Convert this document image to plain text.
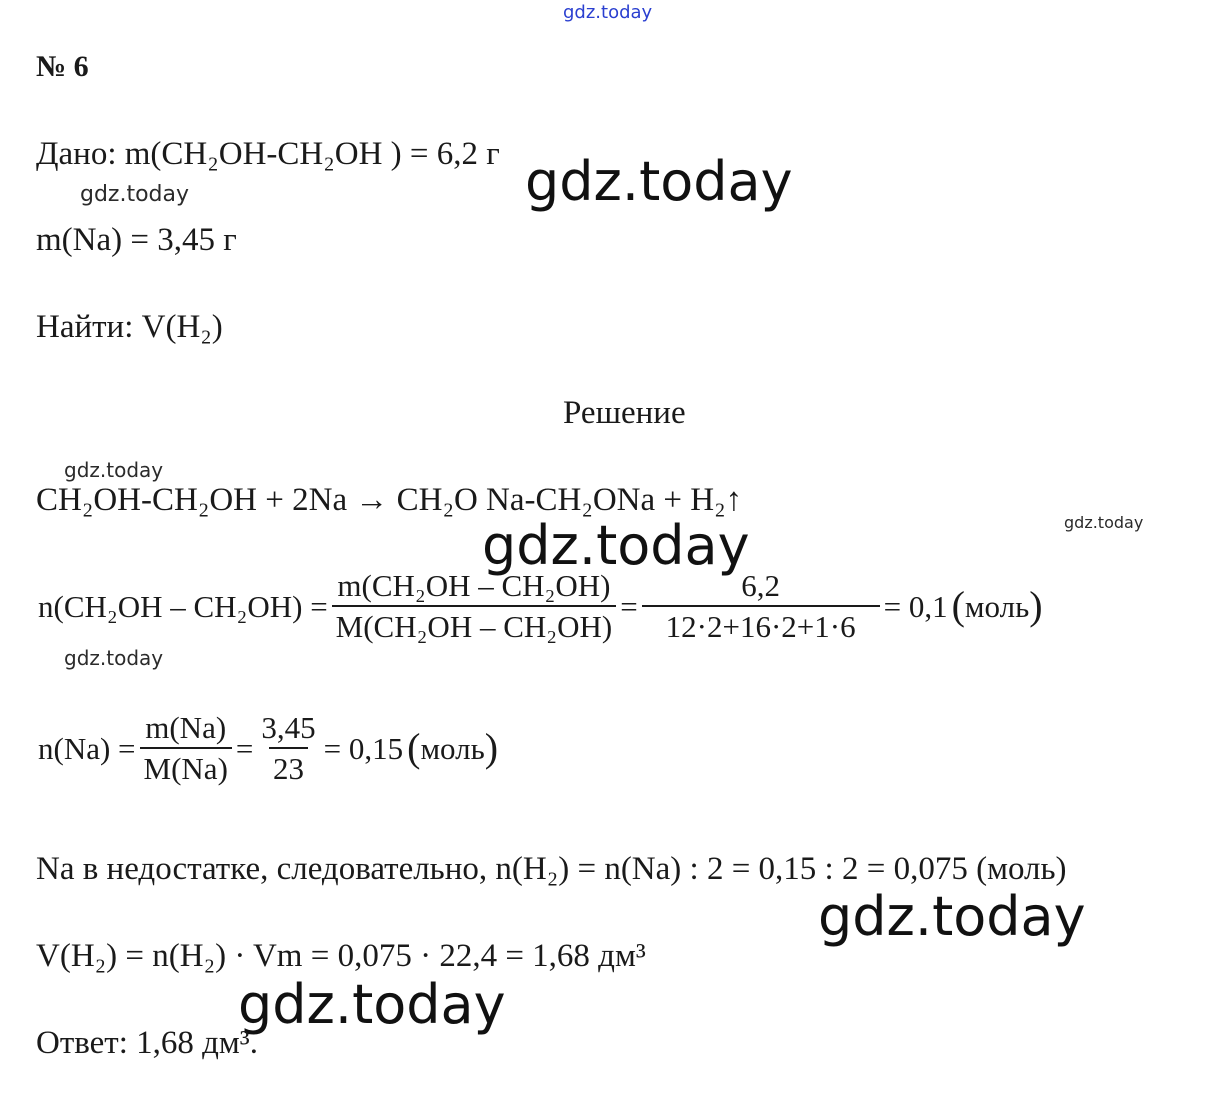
gdz.today
gdz.today	gdz.today
gdz.today
gdz.today
gdz.today
gdz.today
gdz.today
gdz.today
№ 6
Дано: m(CH₂OH-CH₂OH ) = 6,2 г
m(Na) = 3,45 г
Найти: V(H₂)
Решение
CH₂OH-CH₂OH + 2Na → CH₂O Na-CH₂ONa + H₂↑
$n(CH_2OH - CH_2OH) = \frac{\text{m(CH₂OH – CH₂OH)}}{\text{M(CH₂OH – CH₂OH)}} = \frac{6,2}{12\cdot 2+16\cdot 2+1\cdot 6} = 0,1$ ( моль )
$n(Na) = \frac{m(Na)}{M(Na)} = \frac{3,45}{23} = 0,15$ ( моль )
Na в недостатке, следовательно, n(H₂) = n(Na) : 2 = 0,15 : 2 = 0,075 (моль)
V(H₂) = n(H₂) · Vm = 0,075 · 22,4 = 1,68 дм³
Ответ: 1,68 дм³.
